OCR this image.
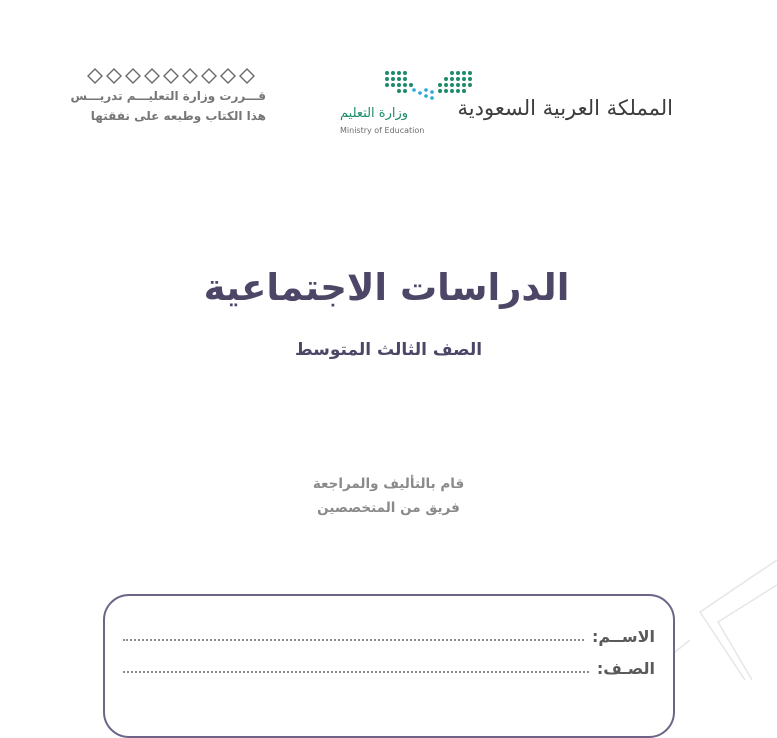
المملكة العربية السعودية
وزارة التعليم
Ministry of Education
قـــررت وزارة التعليـــم تدريـــس
هذا الكتاب وطبعه على نفقتها
الدراسات الاجتماعية
الصف الثالث المتوسط
قام بالتأليف والمراجعة
فريق من المتخصصين
الاســم:
الصـف:
